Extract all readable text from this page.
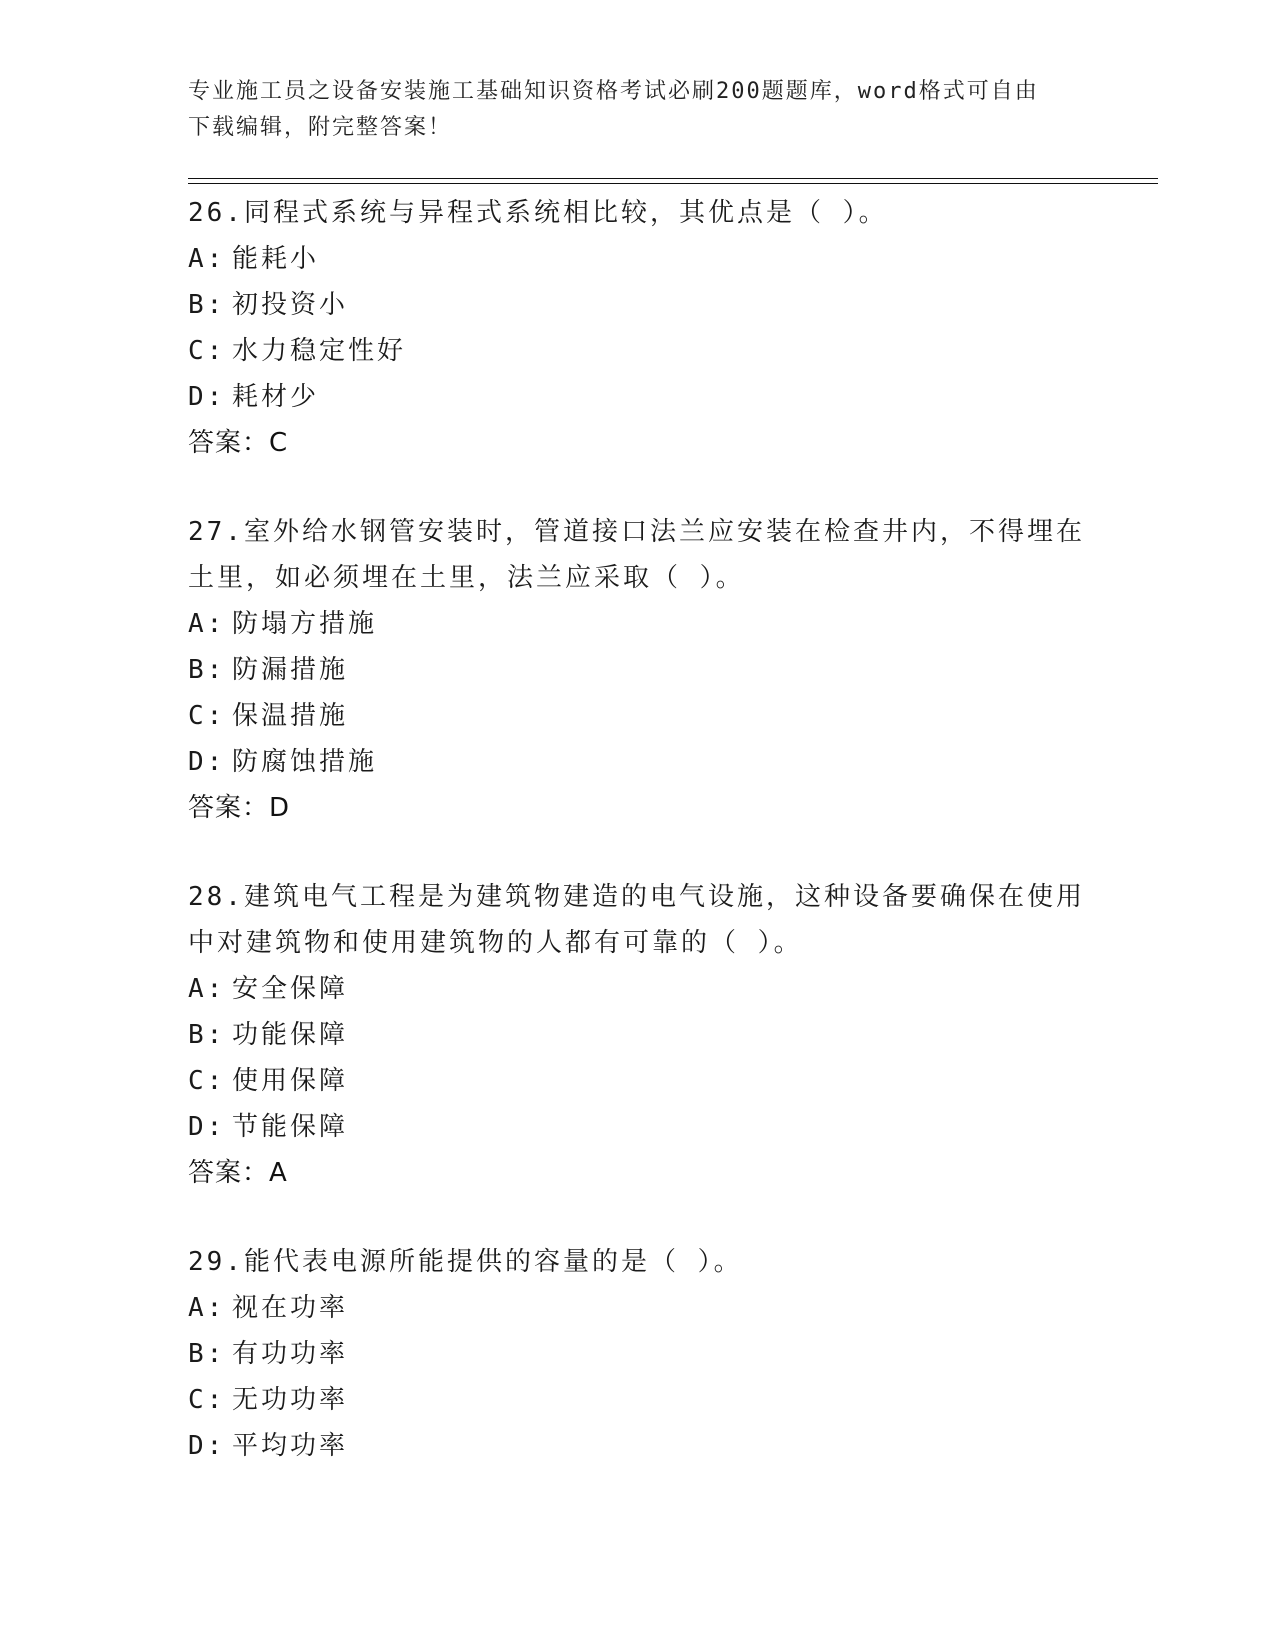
专业施工员之设备安装施工基础知识资格考试必刷200题题库，word格式可自由
下载编辑，附完整答案！
26.同程式系统与异程式系统相比较，其优点是（ ）。
A: 能耗小
B: 初投资小
C: 水力稳定性好
D: 耗材少
答案：C
27.室外给水钢管安装时，管道接口法兰应安装在检查井内，不得埋在土里，如必须埋在土里，法兰应采取（ ）。
A: 防塌方措施
B: 防漏措施
C: 保温措施
D: 防腐蚀措施
答案：D
28.建筑电气工程是为建筑物建造的电气设施，这种设备要确保在使用中对建筑物和使用建筑物的人都有可靠的（ ）。
A: 安全保障
B: 功能保障
C: 使用保障
D: 节能保障
答案：A
29.能代表电源所能提供的容量的是（ ）。
A: 视在功率
B: 有功功率
C: 无功功率
D: 平均功率
